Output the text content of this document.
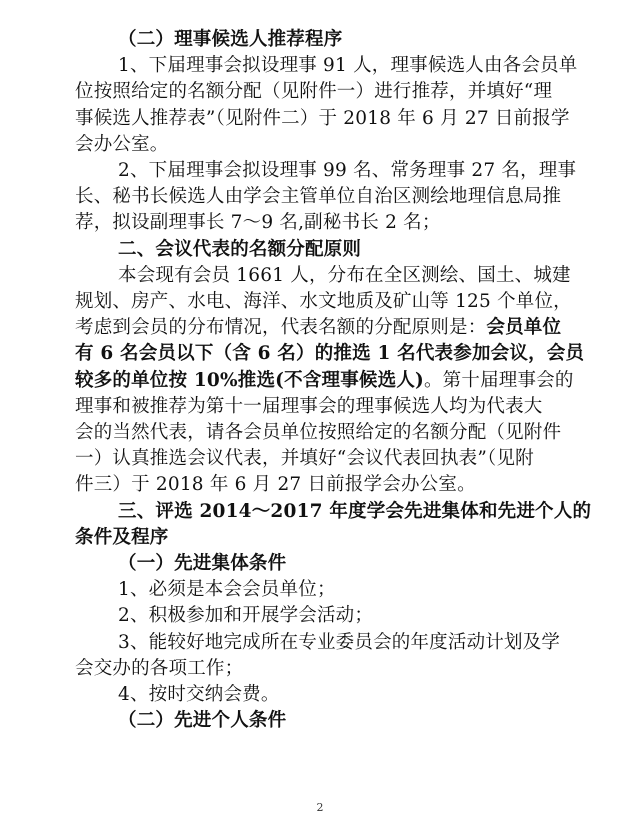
（二）理事候选人推荐程序
1、下届理事会拟设理事 91 人，理事候选人由各会员单
位按照给定的名额分配（见附件一）进行推荐，并填好“理
事候选人推荐表”（见附件二）于 2018 年 6 月 27 日前报学
会办公室。
2、下届理事会拟设理事 99 名、常务理事 27 名，理事
长、秘书长候选人由学会主管单位自治区测绘地理信息局推
荐，拟设副理事长 7～9 名,副秘书长 2 名；
二、会议代表的名额分配原则
本会现有会员 1661 人，分布在全区测绘、国土、城建
规划、房产、水电、海洋、水文地质及矿山等 125 个单位，
考虑到会员的分布情况，代表名额的分配原则是：会员单位
有 6 名会员以下（含 6 名）的推选 1 名代表参加会议，会员
较多的单位按 10%推选(不含理事候选人)。第十届理事会的
理事和被推荐为第十一届理事会的理事候选人均为代表大
会的当然代表，请各会员单位按照给定的名额分配（见附件
一）认真推选会议代表，并填好“会议代表回执表”（见附
件三）于 2018 年 6 月 27 日前报学会办公室。
三、评选 2014～2017 年度学会先进集体和先进个人的
条件及程序
（一）先进集体条件
1、必须是本会会员单位；
2、积极参加和开展学会活动；
3、能较好地完成所在专业委员会的年度活动计划及学
会交办的各项工作；
4、按时交纳会费。
（二）先进个人条件
2
